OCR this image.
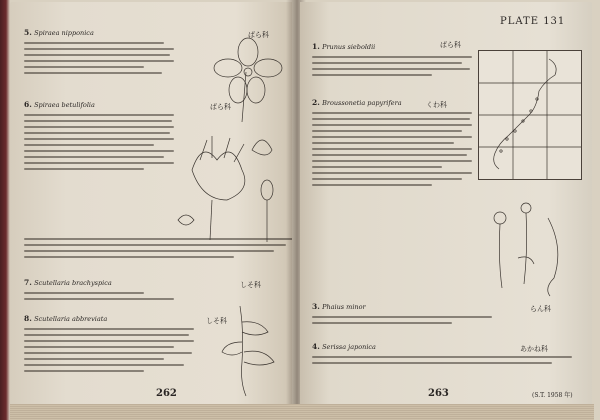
5. Spiraea nipponica	ばら科
6. Spiraea betulifolia	ばら科
7. Scutellaria brachyspica	しそ科
8. Scutellaria abbreviata	しそ科
262
PLATE 131
1. Prunus sieboldii	ばら科
2. Broussonetia papyrifera	くわ科
3. Phaius minor	らん科
4. Serissa japonica	あかね科
263	(S.T. 1958 年)
